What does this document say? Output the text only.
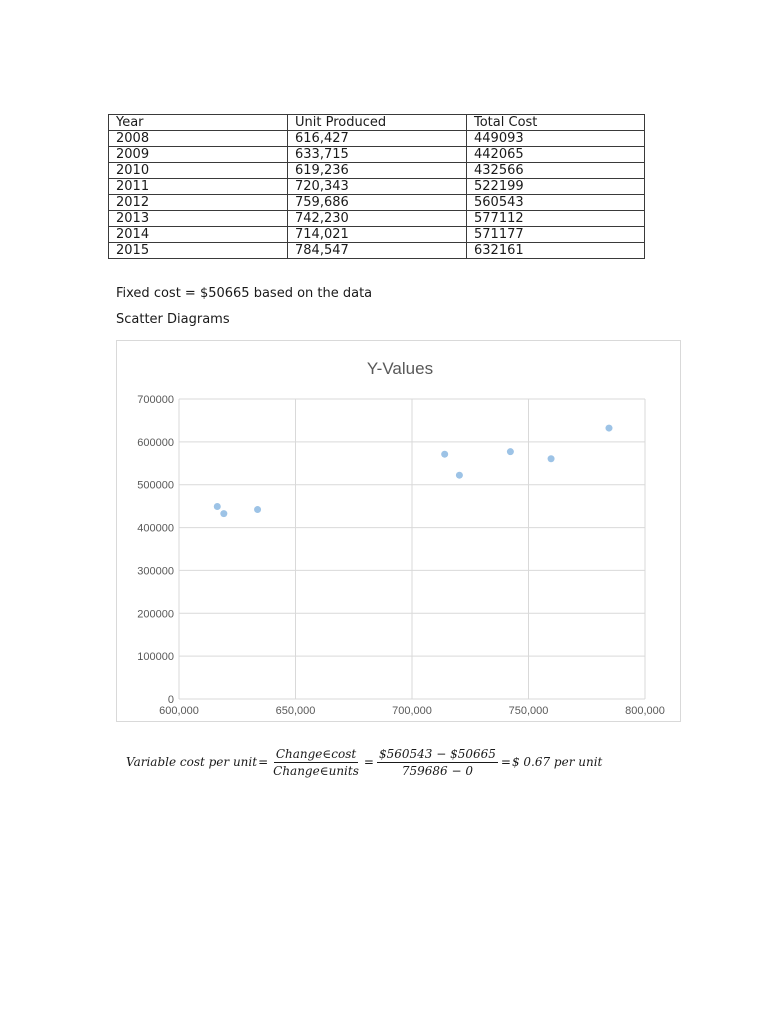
Year	Unit Produced	Total Cost
2008	616,427	449093
2009	633,715	442065
2010	619,236	432566
2011	720,343	522199
2012	759,686	560543
2013	742,230	577112
2014	714,021	571177
2015	784,547	632161
Fixed cost = $50665 based on the data
Scatter Diagrams
Y-Values
0
100000
200000
300000
400000
500000
600000
700000
600,000	650,000	700,000	750,000	800,000
Variable cost per unit = $\frac{\text{Change∈cost}}{\text{Change∈units}} = \frac{\$560543 - \$50665}{759686 - 0}$ = $ 0.67 per unit
